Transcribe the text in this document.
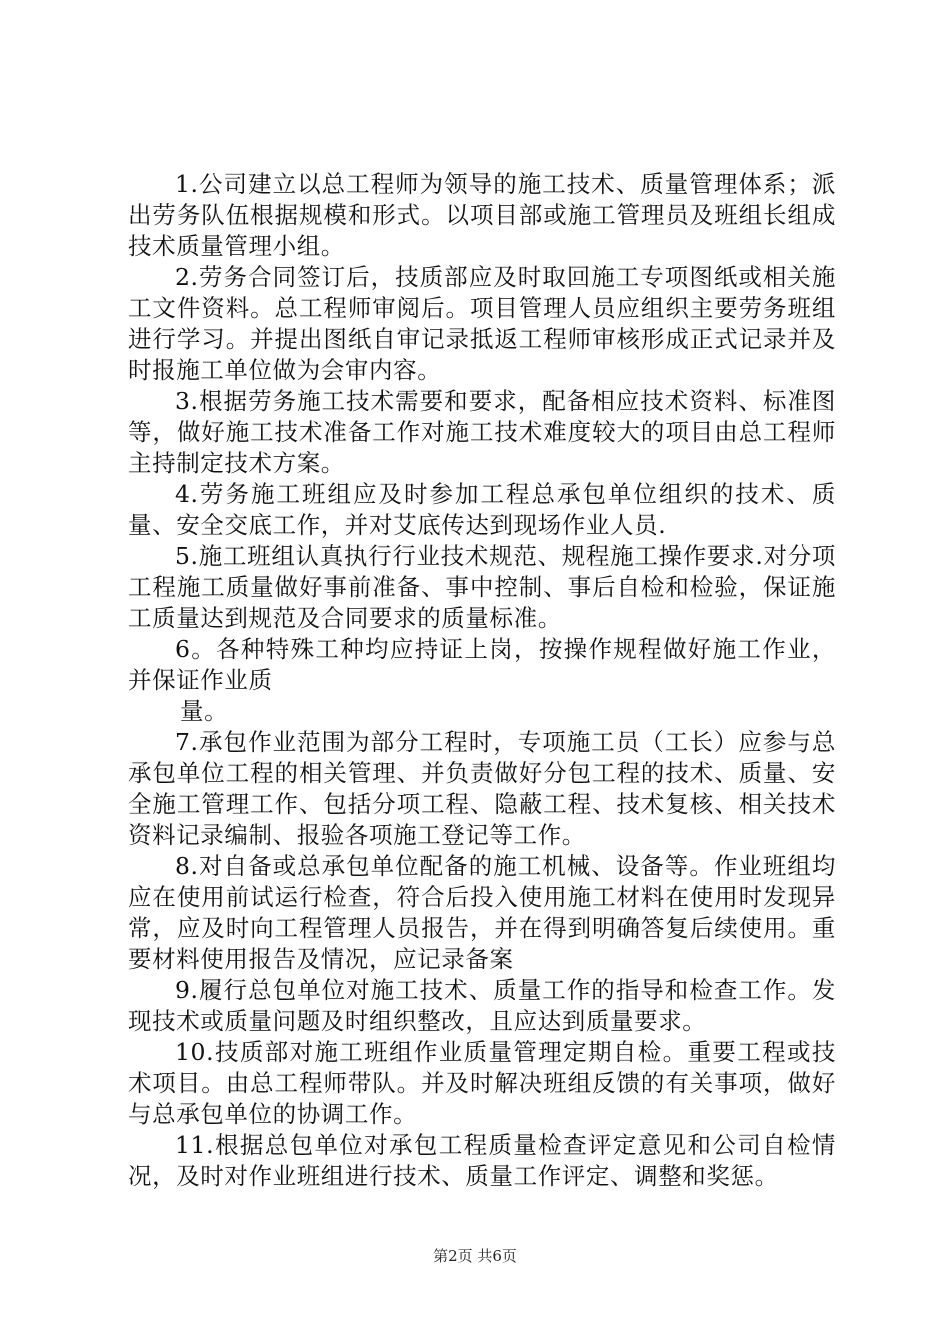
1.公司建立以总工程师为领导的施工技术、质量管理体系；派出劳务队伍根据规模和形式。以项目部或施工管理员及班组长组成技术质量管理小组。

2.劳务合同签订后，技质部应及时取回施工专项图纸或相关施工文件资料。总工程师审阅后。项目管理人员应组织主要劳务班组进行学习。并提出图纸自审记录抵返工程师审核形成正式记录并及时报施工单位做为会审内容。

3.根据劳务施工技术需要和要求，配备相应技术资料、标准图等，做好施工技术准备工作对施工技术难度较大的项目由总工程师主持制定技术方案。

4.劳务施工班组应及时参加工程总承包单位组织的技术、质量、安全交底工作，并对艾底传达到现场作业人员.

5.施工班组认真执行行业技术规范、规程施工操作要求.对分项工程施工质量做好事前准备、事中控制、事后自检和检验，保证施工质量达到规范及合同要求的质量标准。

6。各种特殊工种均应持证上岗，按操作规程做好施工作业，并保证作业质

量。

7.承包作业范围为部分工程时，专项施工员（工长）应参与总承包单位工程的相关管理、并负责做好分包工程的技术、质量、安全施工管理工作、包括分项工程、隐蔽工程、技术复核、相关技术资料记录编制、报验各项施工登记等工作。

8.对自备或总承包单位配备的施工机械、设备等。作业班组均应在使用前试运行检查，符合后投入使用施工材料在使用时发现异常，应及时向工程管理人员报告，并在得到明确答复后续使用。重要材料使用报告及情况，应记录备案

9.履行总包单位对施工技术、质量工作的指导和检查工作。发现技术或质量问题及时组织整改，且应达到质量要求。

10.技质部对施工班组作业质量管理定期自检。重要工程或技术项目。由总工程师带队。并及时解决班组反馈的有关事项，做好与总承包单位的协调工作。

11.根据总包单位对承包工程质量检查评定意见和公司自检情况，及时对作业班组进行技术、质量工作评定、调整和奖惩。

第2页 共6页
